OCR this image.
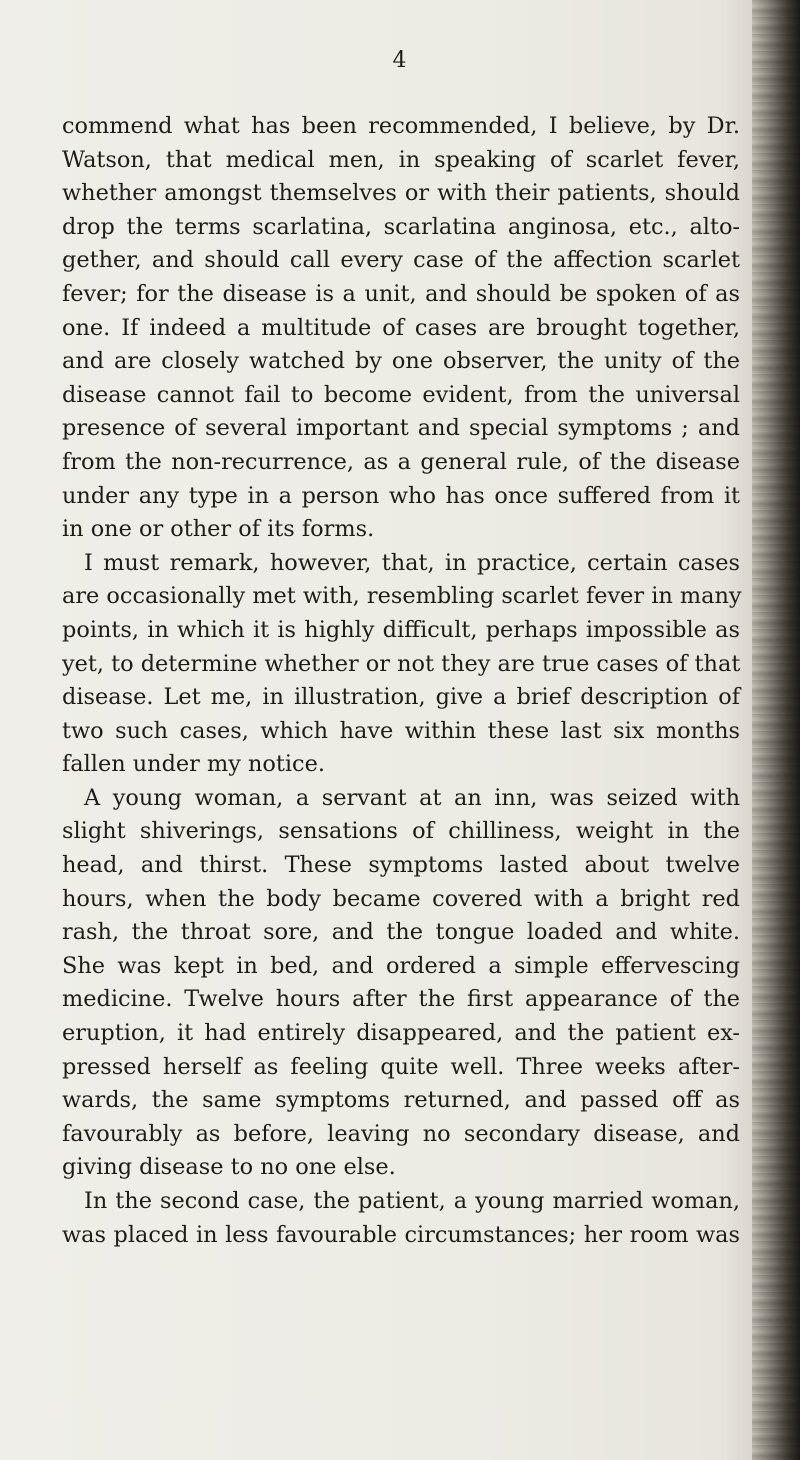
4
commend what has been recommended, I believe, by Dr.
Watson, that medical men, in speaking of scarlet fever,
whether amongst themselves or with their patients, should
drop the terms scarlatina, scarlatina anginosa, etc., alto-
gether, and should call every case of the affection scarlet
fever; for the disease is a unit, and should be spoken of as
one. If indeed a multitude of cases are brought together,
and are closely watched by one observer, the unity of the
disease cannot fail to become evident, from the universal
presence of several important and special symptoms ; and
from the non-recurrence, as a general rule, of the disease
under any type in a person who has once suffered from it
in one or other of its forms.
I must remark, however, that, in practice, certain cases
are occasionally met with, resembling scarlet fever in many
points, in which it is highly difficult, perhaps impossible as
yet, to determine whether or not they are true cases of that
disease. Let me, in illustration, give a brief description of
two such cases, which have within these last six months
fallen under my notice.
A young woman, a servant at an inn, was seized with
slight shiverings, sensations of chilliness, weight in the
head, and thirst. These symptoms lasted about twelve
hours, when the body became covered with a bright red
rash, the throat sore, and the tongue loaded and white.
She was kept in bed, and ordered a simple effervescing
medicine. Twelve hours after the first appearance of the
eruption, it had entirely disappeared, and the patient ex-
pressed herself as feeling quite well. Three weeks after-
wards, the same symptoms returned, and passed off as
favourably as before, leaving no secondary disease, and
giving disease to no one else.
In the second case, the patient, a young married woman,
was placed in less favourable circumstances; her room was
